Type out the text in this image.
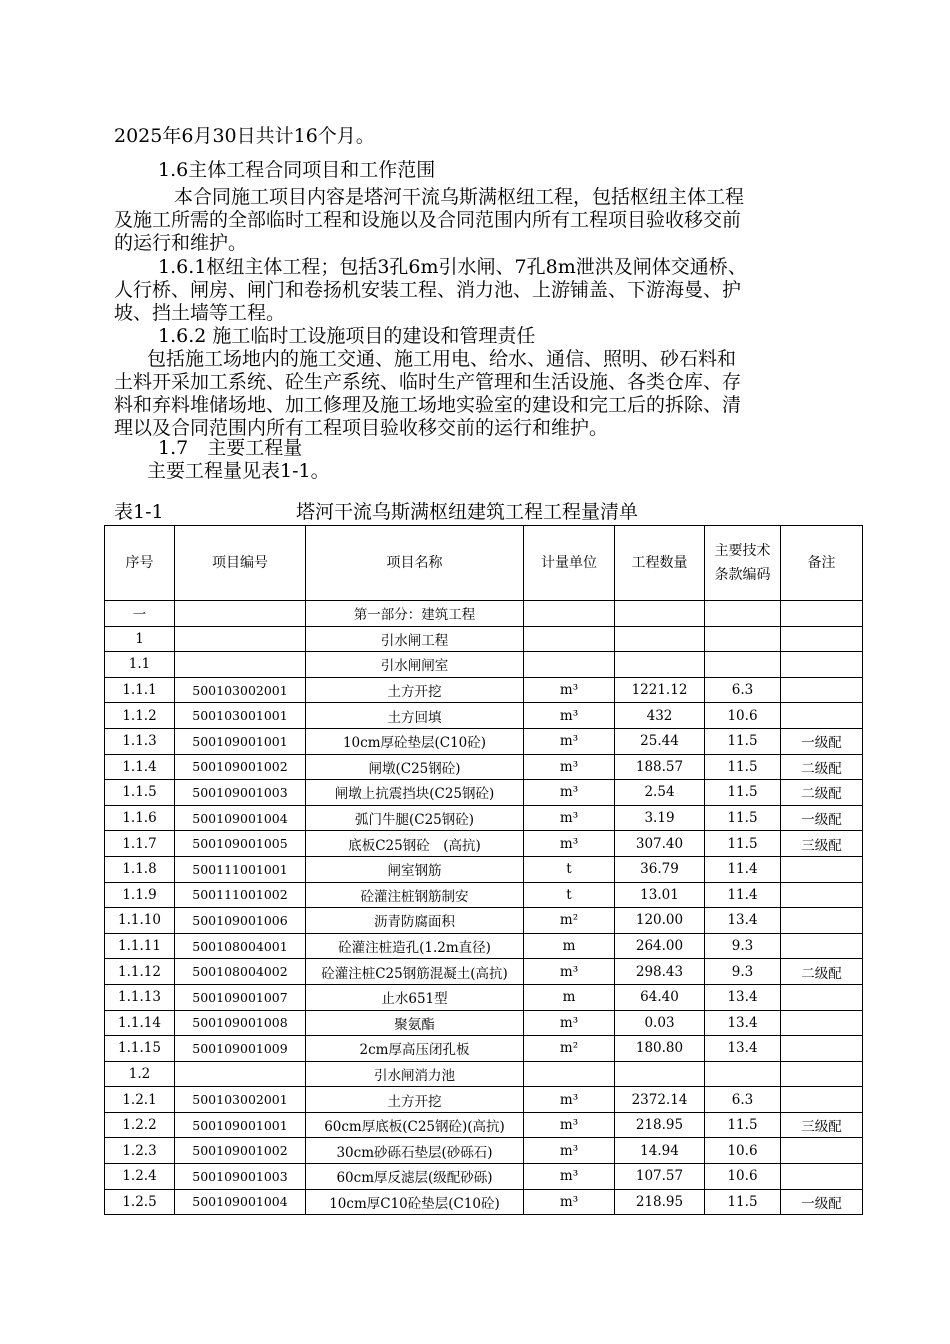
2025年6月30日共计16个月。
1.6主体工程合同项目和工作范围
本合同施工项目内容是塔河干流乌斯满枢纽工程，包括枢纽主体工程
及施工所需的全部临时工程和设施以及合同范围内所有工程项目验收移交前
的运行和维护。
1.6.1枢纽主体工程；包括3孔6m引水闸、7孔8m泄洪及闸体交通桥、
人行桥、闸房、闸门和卷扬机安装工程、消力池、上游铺盖、下游海曼、护
坡、挡土墙等工程。
1.6.2 施工临时工设施项目的建设和管理责任
包括施工场地内的施工交通、施工用电、给水、通信、照明、砂石料和
土料开采加工系统、砼生产系统、临时生产管理和生活设施、各类仓库、存
料和弃料堆储场地、加工修理及施工场地实验室的建设和完工后的拆除、清
理以及合同范围内所有工程项目验收移交前的运行和维护。
1.7　主要工程量
主要工程量见表1-1。
表1-1	塔河干流乌斯满枢纽建筑工程工程量清单
序号	项目编号	项目名称	计量单位	工程数量	主要技术条款编码	备注
一		第一部分：建筑工程				
1		引水闸工程				
1.1		引水闸闸室				
1.1.1	500103002001	土方开挖	m³	1221.12	6.3	
1.1.2	500103001001	土方回填	m³	432	10.6	
1.1.3	500109001001	10cm厚砼垫层(C10砼)	m³	25.44	11.5	一级配
1.1.4	500109001002	闸墩(C25钢砼)	m³	188.57	11.5	二级配
1.1.5	500109001003	闸墩上抗震挡块(C25钢砼)	m³	2.54	11.5	二级配
1.1.6	500109001004	弧门牛腿(C25钢砼)	m³	3.19	11.5	一级配
1.1.7	500109001005	底板C25钢砼　(高抗)	m³	307.40	11.5	三级配
1.1.8	500111001001	闸室钢筋	t	36.79	11.4	
1.1.9	500111001002	砼灌注桩钢筋制安	t	13.01	11.4	
1.1.10	500109001006	沥青防腐面积	m²	120.00	13.4	
1.1.11	500108004001	砼灌注桩造孔(1.2m直径)	m	264.00	9.3	
1.1.12	500108004002	砼灌注桩C25钢筋混凝土(高抗)	m³	298.43	9.3	二级配
1.1.13	500109001007	止水651型	m	64.40	13.4	
1.1.14	500109001008	聚氨酯	m³	0.03	13.4	
1.1.15	500109001009	2cm厚高压闭孔板	m²	180.80	13.4	
1.2		引水闸消力池				
1.2.1	500103002001	土方开挖	m³	2372.14	6.3	
1.2.2	500109001001	60cm厚底板(C25钢砼)(高抗)	m³	218.95	11.5	三级配
1.2.3	500109001002	30cm砂砾石垫层(砂砾石)	m³	14.94	10.6	
1.2.4	500109001003	60cm厚反滤层(级配砂砾)	m³	107.57	10.6	
1.2.5	500109001004	10cm厚C10砼垫层(C10砼)	m³	218.95	11.5	一级配
